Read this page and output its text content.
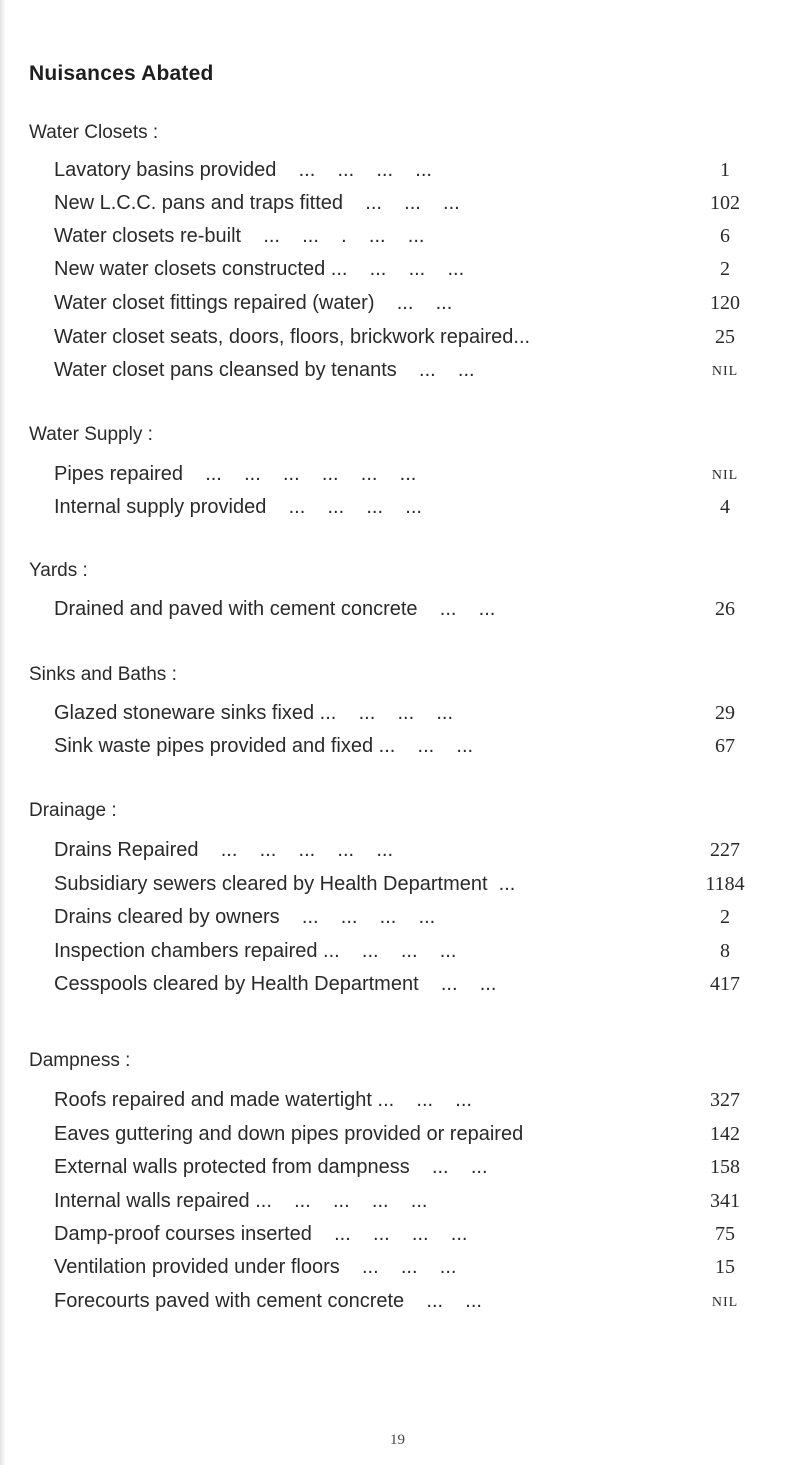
Nuisances Abated
Water Closets :
Lavatory basins provided    ...    ...    ...    ...	1
New L.C.C. pans and traps fitted    ...    ...    ...	102
Water closets re-built    ...    ...    .    ...    ...	6
New water closets constructed ...    ...    ...    ...	2
Water closet fittings repaired (water)    ...    ...	120
Water closet seats, doors, floors, brickwork repaired...	25
Water closet pans cleansed by tenants    ...    ...	NIL
Water Supply :
Pipes repaired    ...    ...    ...    ...    ...    ...	NIL
Internal supply provided    ...    ...    ...    ...	4
Yards :
Drained and paved with cement concrete    ...    ...	26
Sinks and Baths :
Glazed stoneware sinks fixed ...    ...    ...    ...	29
Sink waste pipes provided and fixed ...    ...    ...	67
Drainage :
Drains Repaired    ...    ...    ...    ...    ...	227
Subsidiary sewers cleared by Health Department  ...	1184
Drains cleared by owners    ...    ...    ...    ...	2
Inspection chambers repaired ...    ...    ...    ...	8
Cesspools cleared by Health Department    ...    ...	417
Dampness :
Roofs repaired and made watertight ...    ...    ...	327
Eaves guttering and down pipes provided or repaired	142
External walls protected from dampness    ...    ...	158
Internal walls repaired ...    ...    ...    ...    ...	341
Damp-proof courses inserted    ...    ...    ...    ...	75
Ventilation provided under floors    ...    ...    ...	15
Forecourts paved with cement concrete    ...    ...	NIL
19
